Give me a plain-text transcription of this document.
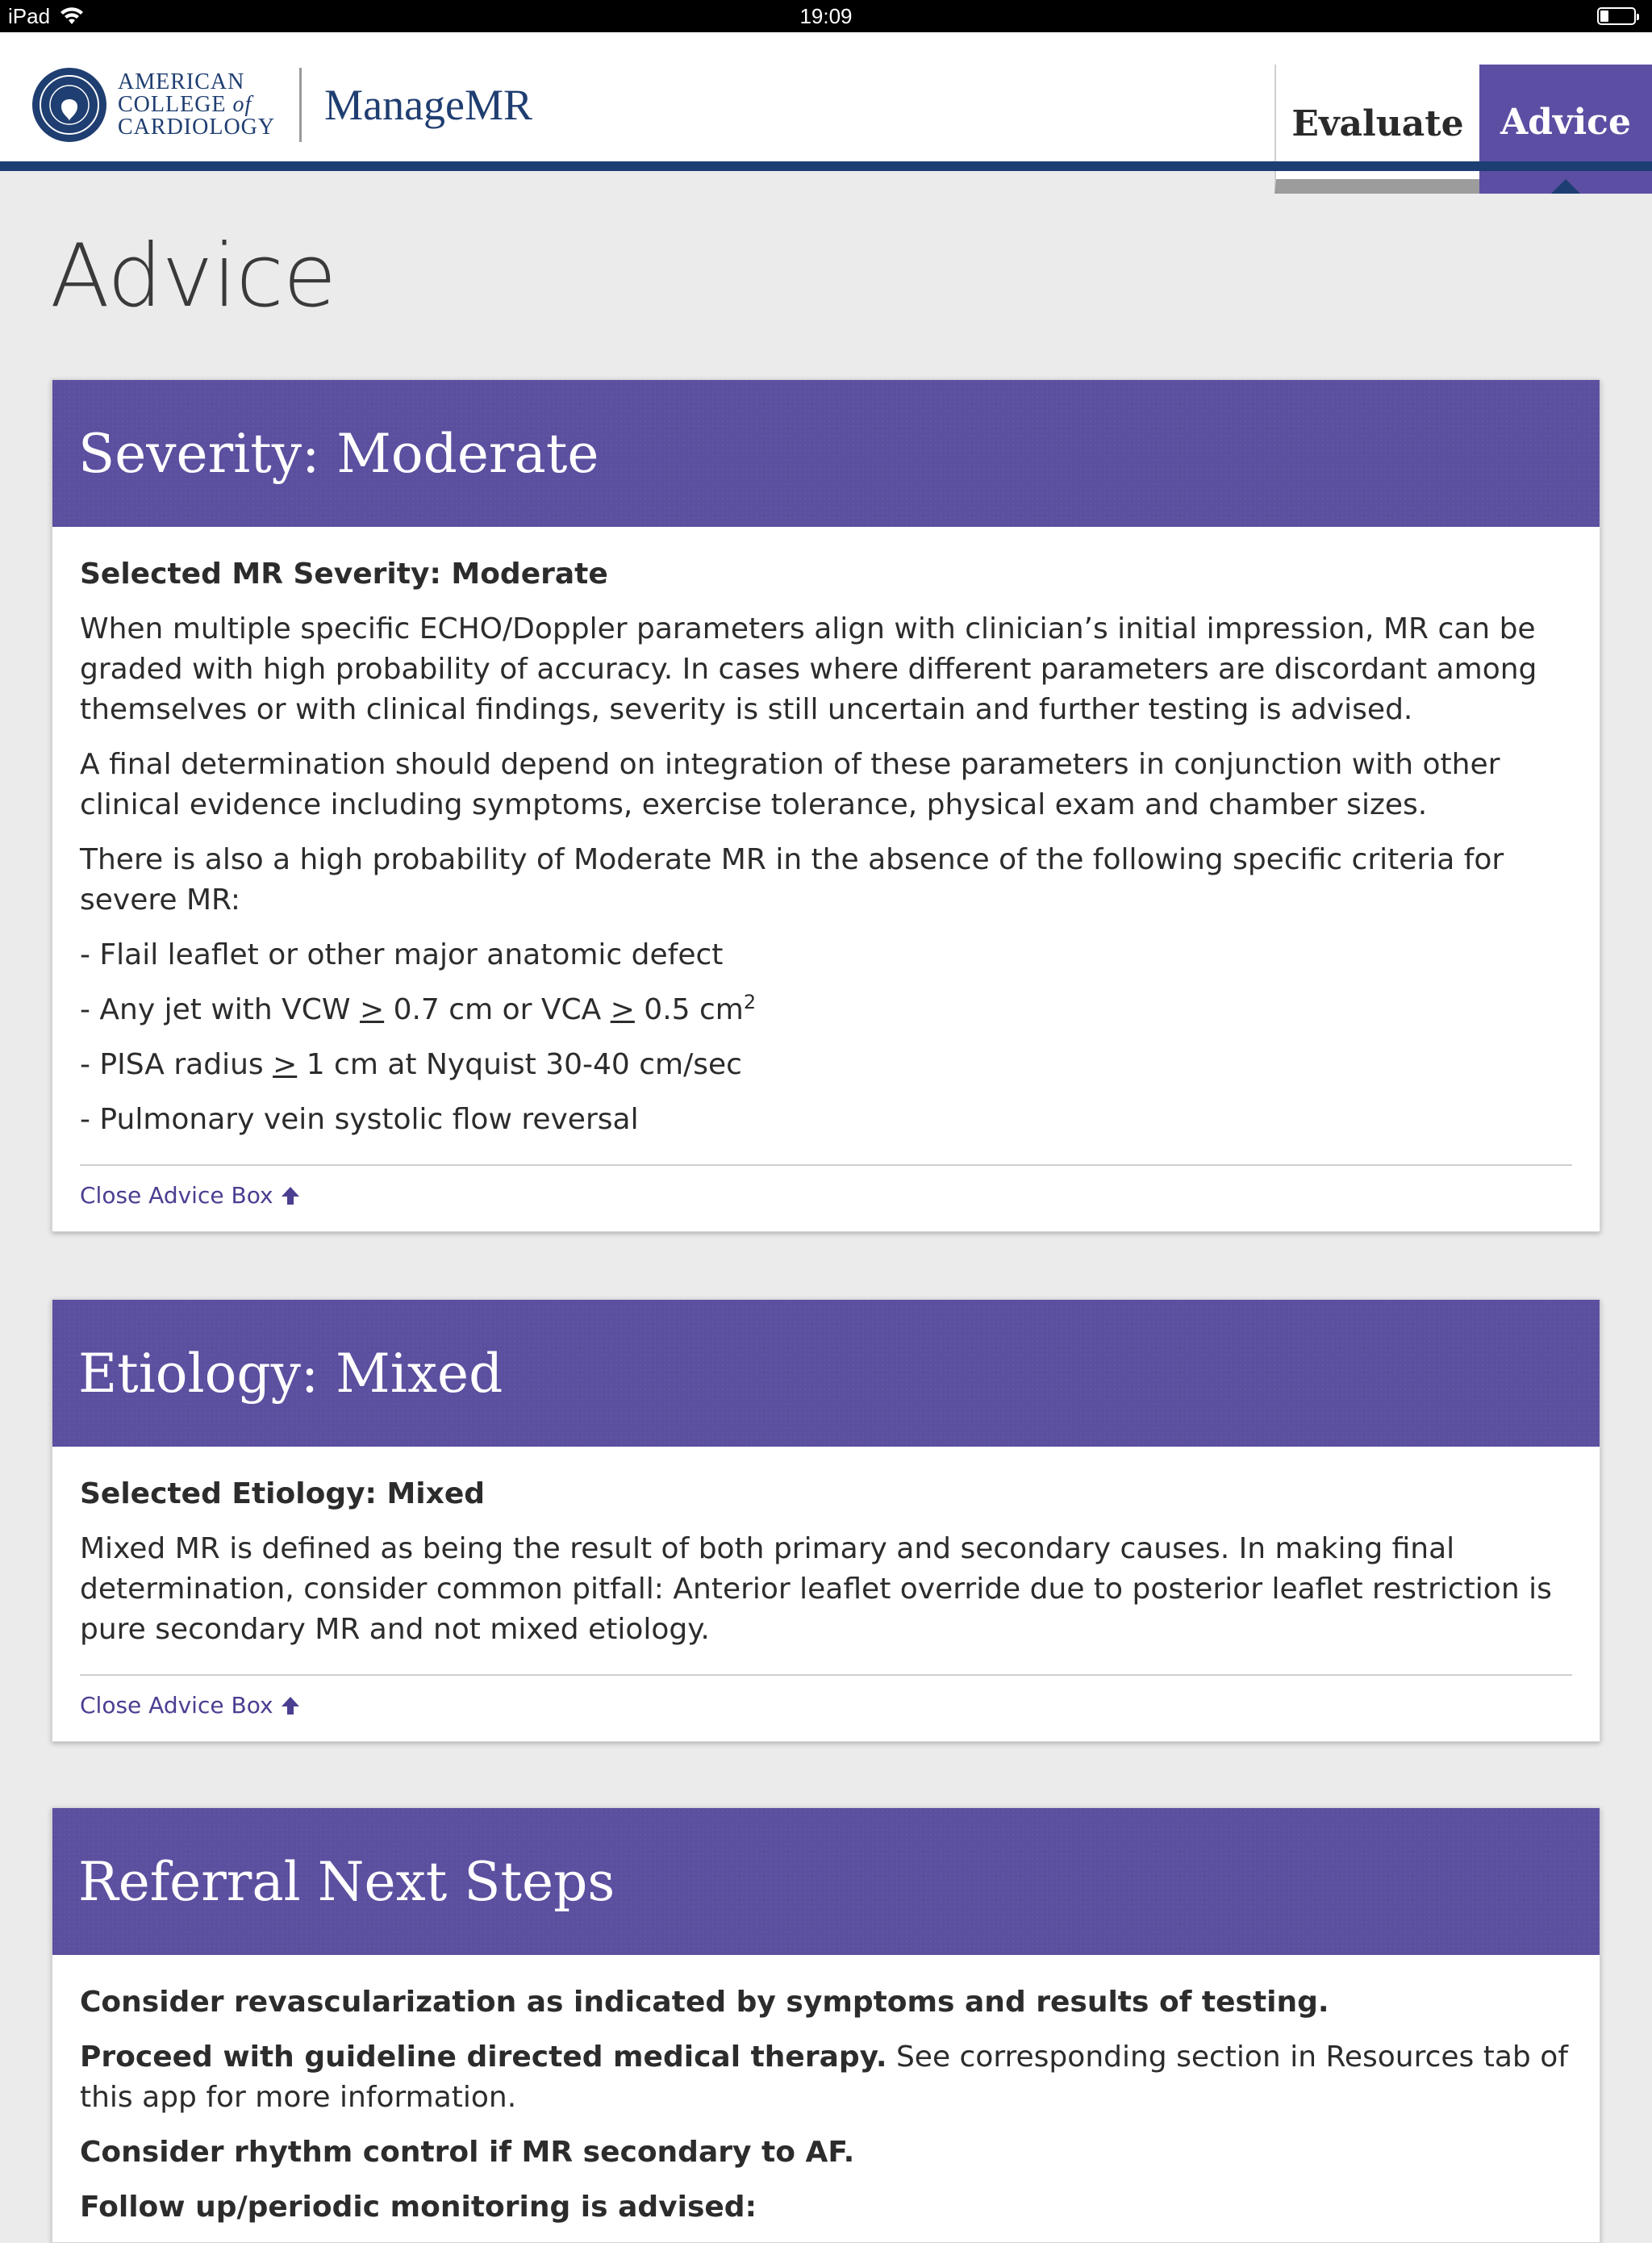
iPad	19:09
AMERICAN
COLLEGE of
CARDIOLOGY ManageMR	Evaluate Advice
Advice
Severity: Moderate

Selected MR Severity: Moderate

When multiple specific ECHO/Doppler parameters align with clinician’s initial impression, MR can be graded with high probability of accuracy. In cases where different parameters are discordant among themselves or with clinical findings, severity is still uncertain and further testing is advised.

A final determination should depend on integration of these parameters in conjunction with other clinical evidence including symptoms, exercise tolerance, physical exam and chamber sizes.

There is also a high probability of Moderate MR in the absence of the following specific criteria for severe MR:

- Flail leaflet or other major anatomic defect

- Any jet with VCW > 0.7 cm or VCA > 0.5 $cm^2$

- PISA radius > 1 cm at Nyquist 30-40 cm/sec

- Pulmonary vein systolic flow reversal

Close Advice Box
Etiology: Mixed

Selected Etiology: Mixed

Mixed MR is defined as being the result of both primary and secondary causes. In making final determination, consider common pitfall: Anterior leaflet override due to posterior leaflet restriction is pure secondary MR and not mixed etiology.

Close Advice Box
Referral Next Steps

Consider revascularization as indicated by symptoms and results of testing.

Proceed with guideline directed medical therapy. See corresponding section in Resources tab of this app for more information.

Consider rhythm control if MR secondary to AF.

Follow up/periodic monitoring is advised:
